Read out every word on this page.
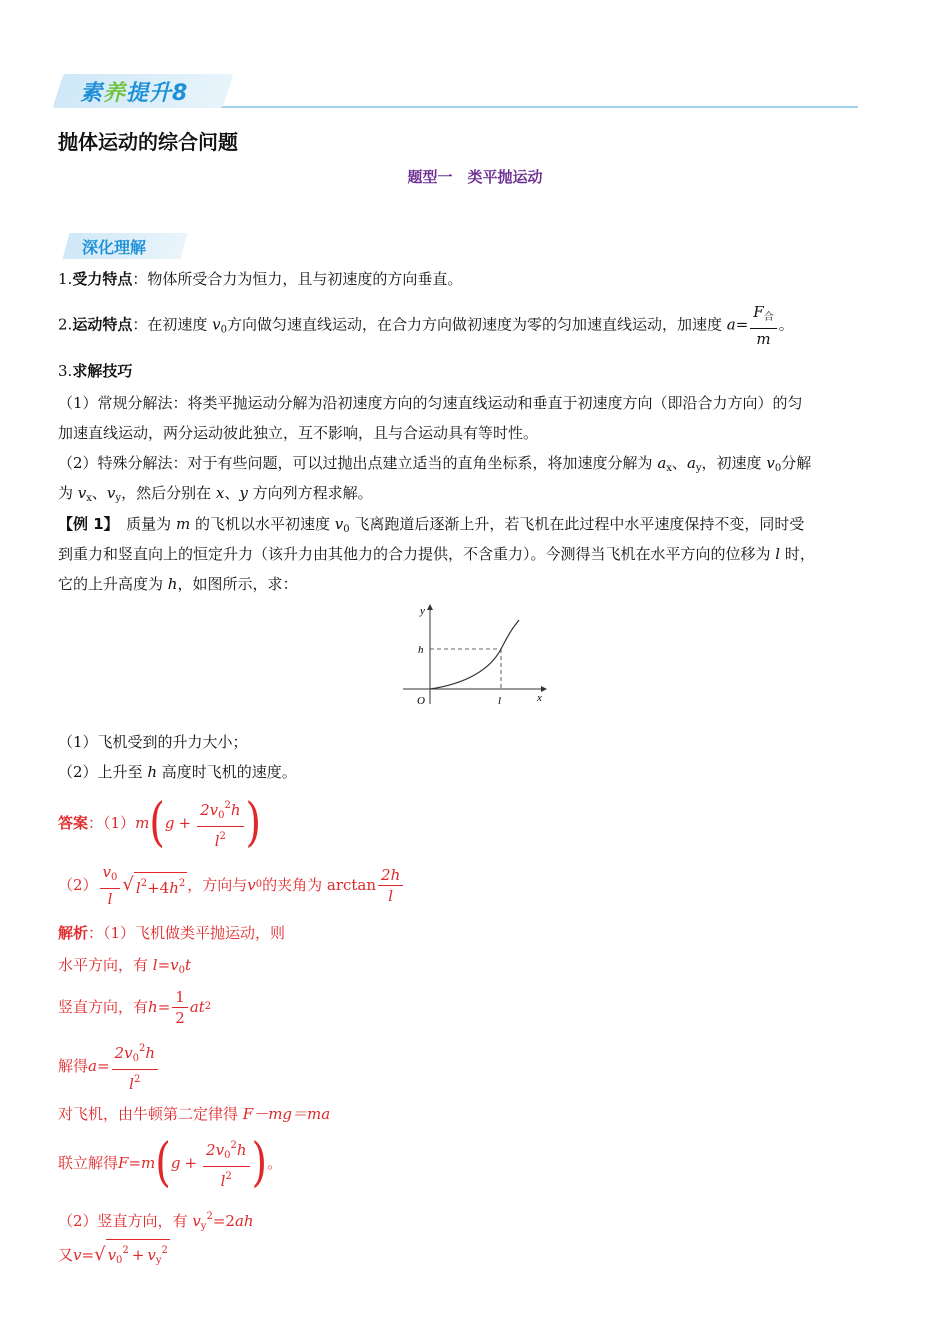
素养提升8
抛体运动的综合问题
题型一　类平抛运动
深化理解
1.受力特点：物体所受合力为恒力，且与初速度的方向垂直。
2.运动特点：在初速度 $v_0$方向做匀速直线运动，在合力方向做初速度为零的匀加速直线运动，加速度 $a= \frac{F_合}{m}$ 。
3.求解技巧
（1）常规分解法：将类平抛运动分解为沿初速度方向的匀速直线运动和垂直于初速度方向（即沿合力方向）的匀
加速直线运动，两分运动彼此独立，互不影响，且与合运动具有等时性。
（2）特殊分解法：对于有些问题，可以过抛出点建立适当的直角坐标系，将加速度分解为 $a_x$、$a_y$，初速度 $v_0$分解
为 $v_x$、$v_y$，然后分别在 x、y 方向列方程求解。
【例 1】　质量为 m 的飞机以水平初速度 $v_0$ 飞离跑道后逐渐上升，若飞机在此过程中水平速度保持不变，同时受
到重力和竖直向上的恒定升力（该升力由其他力的合力提供，不含重力）。今测得当飞机在水平方向的位移为 l 时，
它的上升高度为 h，如图所示，求：
y
x
h
l
O
（1）飞机受到的升力大小；
（2）上升至 h 高度时飞机的速度。
答案 ：（1） m ( $g + \frac{2v_0^2h}{l^2}$ )
$(2) \frac{v_0}{l}$ √ $l^2+4h^2$ ，方向与 v 0 的夹角为 $\arctan \frac{2h}{l}$
解析：（1）飞机做类平抛运动，则
水平方向，有 $l=v_0t$
竖直方向，有 $h = \frac{1}{2}$ at 2
解得 $a = \frac{2v_0^2h}{l^2}$
对飞机，由牛顿第二定律得 F－mg＝ma
联立解得 F = m ( $g + \frac{2v_0^2h}{l^2}$ ) 。
（2）竖直方向，有 $v_y^2=2ah$
又 v = √ $v_0^2 + v_y^2$
